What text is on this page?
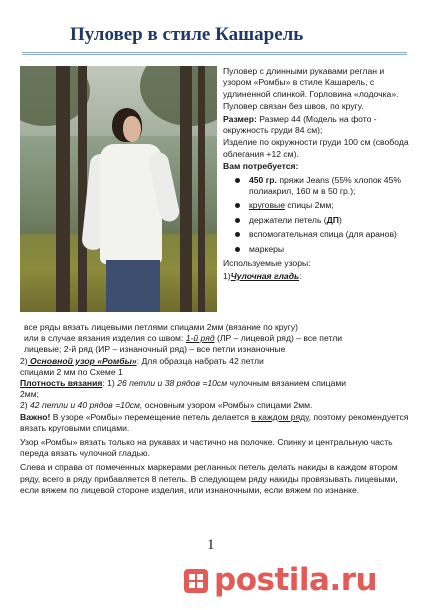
Пуловер в стиле Кашарель

Пуловер с длинными рукавами реглан и узором «Ромбы» в стиле Кашарель, с удлиненной спинкой. Горловина «лодочка».

Пуловер связан без швов, по кругу.

Размер: Размер 44 (Модель на фото - окружность груди 84 см);

Изделие по окружности груди 100 см (свобода облегания +12 см).

Вам потребуется:

450 гр. пряжи Jeans (55% хлопок 45% полиакрил, 160 м в 50 гр.);
круговые спицы 2мм;
держатели петель (ДП)
вспомогательная спица (для аранов)
маркеры

Используемые узоры:

1)Чулочная гладь:

все ряды вязать лицевыми петлями спицами 2мм (вязание по кругу)

или в случае вязания изделия со швом: 1-й ряд (ЛР – лицевой ряд) – все петли

лицевые; 2-й ряд (ИР – изнаночный ряд) – все петли изнаночные

2) Основной узор «Ромбы»: Для образца набрать 42 петли

спицами 2 мм по Схеме 1

Плотность вязания: 1) 26 петли и 38 рядов =10см чулочным вязанием спицами

2мм;

2) 42 петли и 40 рядов =10см, основным узором «Ромбы» спицами 2мм.

Важно! В узоре «Ромбы» перемещение петель делается в каждом ряду, поэтому рекомендуется вязать круговыми спицами.

Узор «Ромбы» вязать только на рукавах и частично на полочке. Спинку и центральную часть переда вязать чулочной гладью.

Слева и справа от помеченных маркерами регланных петель делать накиды в каждом втором ряду, всего в ряду прибавляется 8 петель. В следующем ряду накиды провязывать лицевыми, если вяжем по лицевой стороне изделия, или изнаночными, если вяжем по изнанке.

1
postila.ru
